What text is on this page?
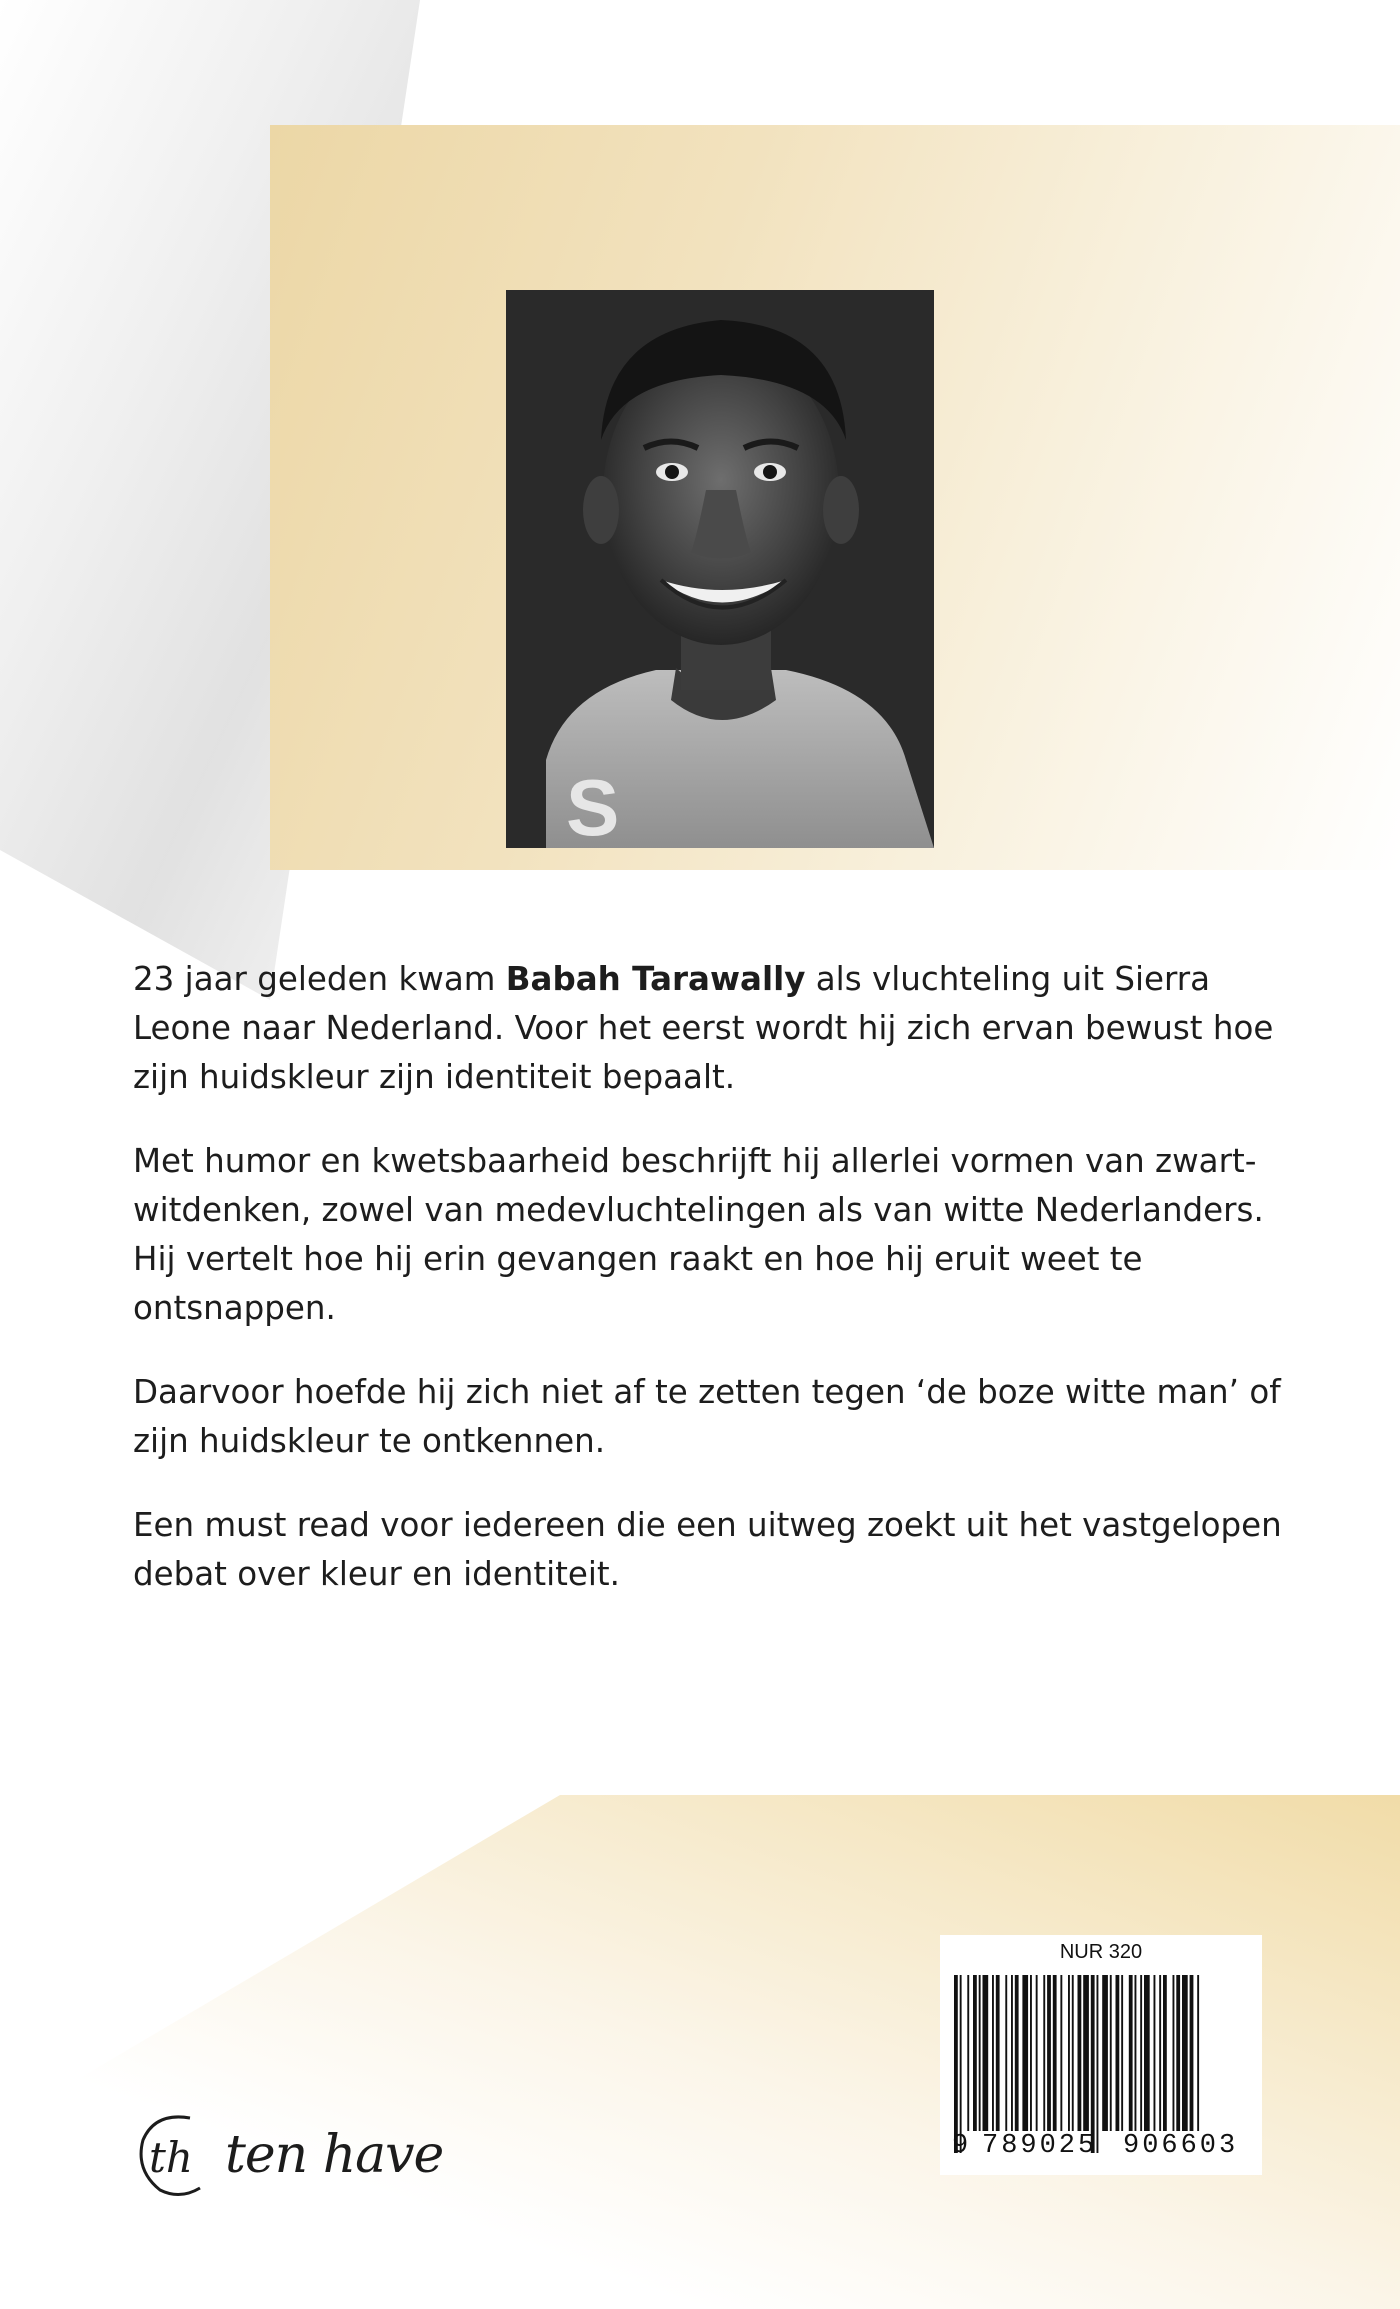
S

23 jaar geleden kwam Babah Tarawally als vluchteling uit Sierra Leone naar Nederland. Voor het eerst wordt hij zich ervan bewust hoe zijn huidskleur zijn identiteit bepaalt.

Met humor en kwetsbaarheid beschrijft hij allerlei vormen van zwart-witdenken, zowel van medevluchtelingen als van witte Nederlanders. Hij vertelt hoe hij erin gevangen raakt en hoe hij eruit weet te ontsnappen.

Daarvoor hoefde hij zich niet af te zetten tegen ‘de boze witte man’ of zijn huidskleur te ontkennen.

Een must read voor iedereen die een uitweg zoekt uit het vastgelopen debat over kleur en identiteit.

th ten have
NUR 320
9 789025 906603
